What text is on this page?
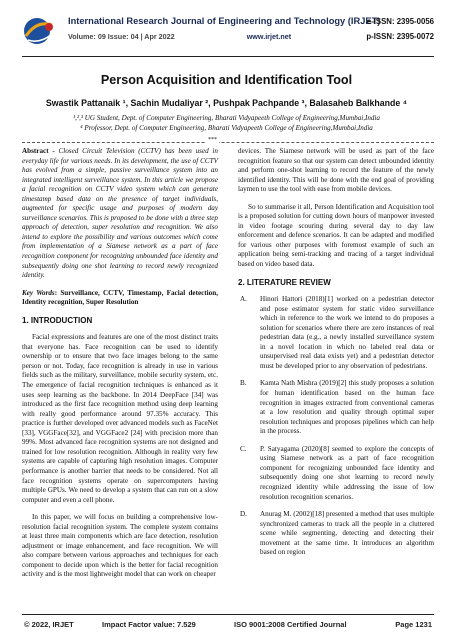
International Research Journal of Engineering and Technology (IRJET)
Volume: 09 Issue: 04 | Apr 2022	www.irjet.net
e-ISSN: 2395-0056
p-ISSN: 2395-0072
Person Acquisition and Identification Tool
Swastik Pattanaik ¹, Sachin Mudaliyar ², Pushpak Pachpande ³, Balasaheb Balkhande ⁴
¹,²,³ UG Student, Dept. of Computer Engineering, Bharati Vidyapeeth College of Engineering,Mumbai,India
⁴ Professor, Dept. of Computer Engineering, Bharati Vidyapeeth College of Engineering,Mumbai,India
***

Abstract - Closed Circuit Television (CCTV) has been used in everyday life for various needs. In its development, the use of CCTV has evolved from a simple, passive surveillance system into an integrated intelligent surveillance system. In this article we propose a facial recognition on CCTV video system which can generate timestamp based data on the presence of target individuals, augmented for specific usage and purposes of modern day surveillance scenarios. This is proposed to be done with a three step approach of detection, super resolution and recognition. We also intend to explore the possibility and various outcomes which come from implementation of a Siamese network as a part of face recognition component for recognizing unbounded face identity and subsequently doing one shot learning to record newly recognized identity.

Key Words: Surveillance, CCTV, Timestamp, Facial detection, Identity recognition, Super Resolution

1. INTRODUCTION

Facial expressions and features are one of the most distinct traits that everyone has. Face recognition can be used to identify ownership or to ensure that two face images belong to the same person or not. Today, face recognition is already in use in various fields such as the military, surveillance, mobile security system, etc. The emergence of facial recognition techniques is enhanced as it uses seep learning as the backbone. In 2014 DeepFace [34] was introduced as the first face recognition method using deep learning with really good performance around 97.35% accuracy. This practice is further developed over advanced models such as FaceNet [33], VGGFace[32], and VGGFace2 [24] with precision more than 99%. Most advanced face recognition systems are not designed and trained for low resolution recognition. Although in reality very few systems are capable of capturing high resolution images. Computer performance is another barrier that needs to be considered. Not all face recognition systems operate on supercomputers having multiple GPUs. We need to develop a system that can run on a slow computer and even a cell phone.

In this paper, we will focus on building a comprehensive low-resolution facial recognition system. The complete system contains at least three main components which are face detection, resolution adjustment or image enhancement, and face recognition. We will also compare between various approaches and techniques for each component to decide upon which is the better for facial recognition activity and is the most lightweight model that can work on cheaper

devices. The Siamese network will be used as part of the face recognition feature so that our system can detect unbounded identity and perform one-shot learning to record the feature of the newly identified identity. This will be done with the end goal of providing laymen to use the tool with ease from mobile devices.

So to summarise it all, Person Identification and Acquisition tool is a proposed solution for cutting down hours of manpower invested in video footage scouring during several day to day law enforcement and defence scenarios. It can be adapted and modified for various other purposes with foremost example of such an application being semi-tracking and tracing of a target individual based on video based data.

2. LITERATURE REVIEW
A.	Hinori Hattori (2018)[1] worked on a pedestrian detector and pose estimator system for static video surveillance which in reference to the work we intend to do proposes a solution for scenarios where there are zero instances of real pedestrian data (e.g., a newly installed surveillance system in a novel location in which no labeled real data or unsupervised real data exists yet) and a pedestrian detector must be developed prior to any observation of pedestrians.
B.	Kamta Nath Mishra (2019)[2] this study proposes a solution for human identification based on the human face recognition in images extracted from conventional cameras at a low resolution and quality through optimal super resolution techniques and proposes pipelines which can help in the process.
C.	P. Satyagama (2020)[8] seemed to explore the concepts of using Siamese network as a part of face recognition component for recognizing unbounded face identity and subsequently doing one shot learning to record newly recognized identity while addressing the issue of low resolution recognition scenarios.
D.	Anurag M. (2002)[18] presented a method that uses multiple synchronized cameras to track all the people in a cluttered scene while segmenting, detecting and detecting their movement at the same time. It introduces an algorithm based on region
© 2022, IRJET	Impact Factor value: 7.529	ISO 9001:2008 Certified Journal	Page 1231
